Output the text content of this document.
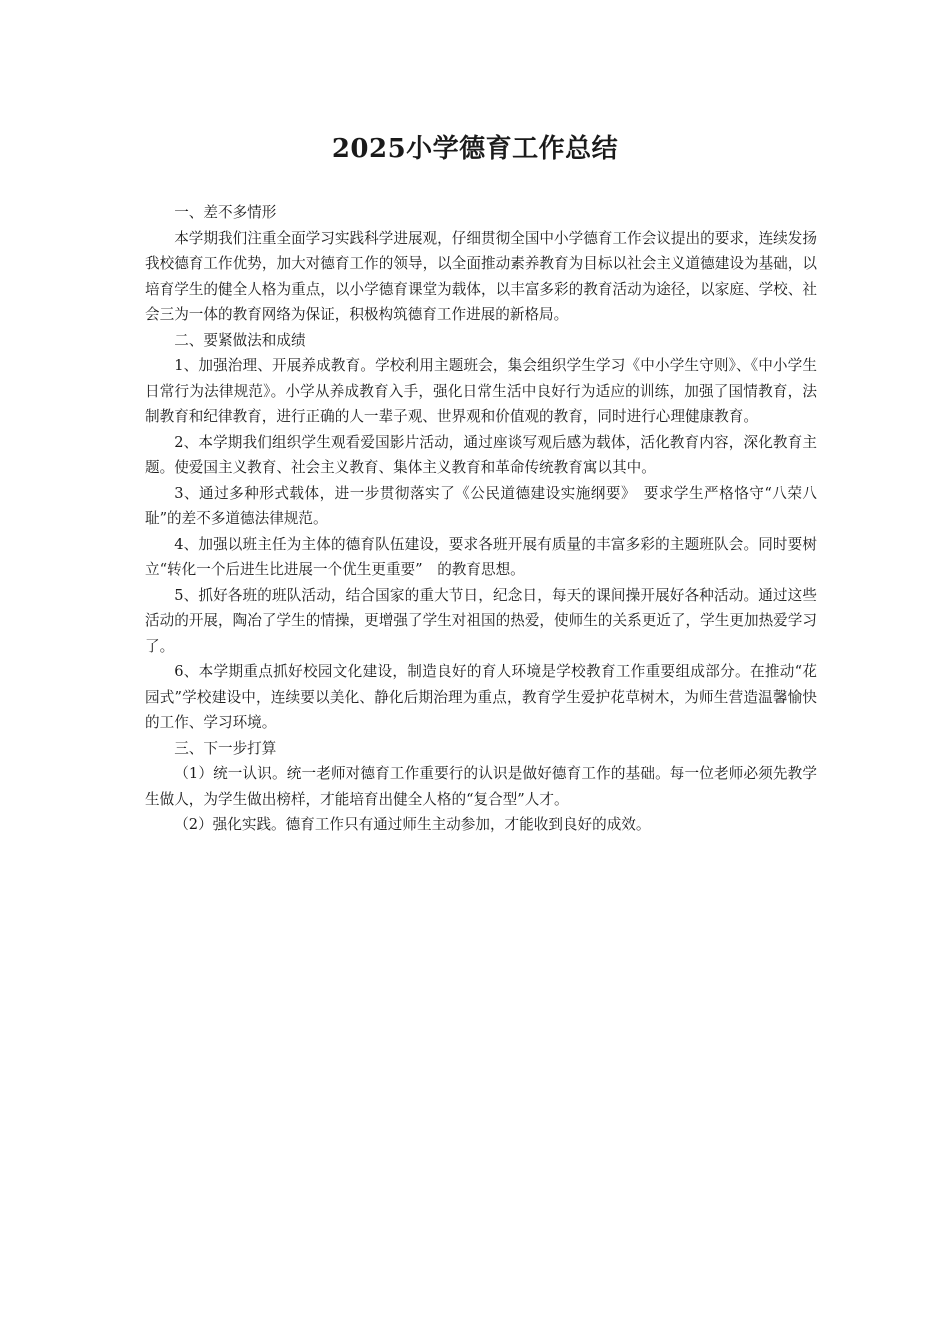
2025小学德育工作总结

一、差不多情形

本学期我们注重全面学习实践科学进展观，仔细贯彻全国中小学德育工作会议提出的要求，连续发扬我校德育工作优势，加大对德育工作的领导，以全面推动素养教育为目标以社会主义道德建设为基础，以培育学生的健全人格为重点，以小学德育课堂为载体，以丰富多彩的教育活动为途径，以家庭、学校、社会三为一体的教育网络为保证，积极构筑德育工作进展的新格局。

二、要紧做法和成绩

1、加强治理、开展养成教育。学校利用主题班会，集会组织学生学习《中小学生守则》、《中小学生日常行为法律规范》。小学从养成教育入手，强化日常生活中良好行为适应的训练，加强了国情教育，法制教育和纪律教育，进行正确的人一辈子观、世界观和价值观的教育，同时进行心理健康教育。

2、本学期我们组织学生观看爱国影片活动，通过座谈写观后感为载体，活化教育内容，深化教育主题。使爱国主义教育、社会主义教育、集体主义教育和革命传统教育寓以其中。

3、通过多种形式载体，进一步贯彻落实了《公民道德建设实施纲要》　要求学生严格恪守“八荣八耻”的差不多道德法律规范。

4、加强以班主任为主体的德育队伍建设，要求各班开展有质量的丰富多彩的主题班队会。同时要树立“转化一个后进生比进展一个优生更重要”　的教育思想。

5、抓好各班的班队活动，结合国家的重大节日，纪念日，每天的课间操开展好各种活动。通过这些活动的开展，陶冶了学生的情操，更增强了学生对祖国的热爱，使师生的关系更近了，学生更加热爱学习了。

6、本学期重点抓好校园文化建设，制造良好的育人环境是学校教育工作重要组成部分。在推动“花园式”学校建设中，连续要以美化、静化后期治理为重点，教育学生爱护花草树木，为师生营造温馨愉快的工作、学习环境。

三、下一步打算

（1）统一认识。统一老师对德育工作重要行的认识是做好德育工作的基础。每一位老师必须先教学生做人，为学生做出榜样，才能培育出健全人格的“复合型”人才。

（2）强化实践。德育工作只有通过师生主动参加，才能收到良好的成效。
